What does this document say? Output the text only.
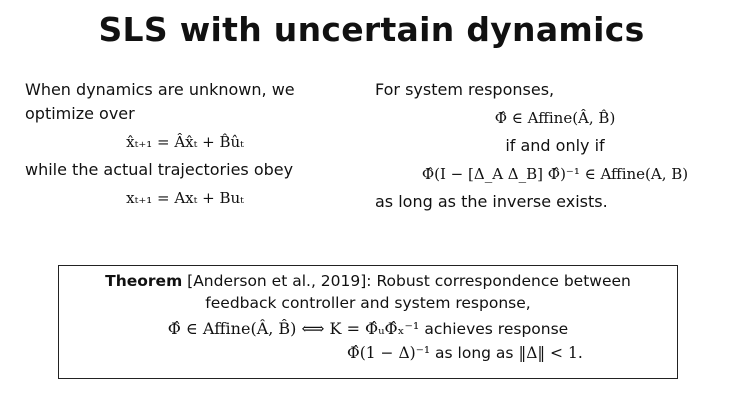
SLS with uncertain dynamics
When dynamics are unknown, we optimize over
x̂ₜ₊₁ = Âx̂ₜ + B̂ûₜ
while the actual trajectories obey
xₜ₊₁ = Axₜ + Buₜ
For system responses,
Φ̂ ∈ Affine(Â, B̂)
if and only if
Φ̂(I − [Δ_A Δ_B] Φ̂)⁻¹ ∈ Affine(A, B)
as long as the inverse exists.
Theorem [Anderson et al., 2019]: Robust correspondence between
feedback controller and system response,
Φ̂ ∈ Affine(Â, B̂) ⟺ K = Φ̂ᵤΦ̂ₓ⁻¹ achieves response
Φ̂(1 − Δ)⁻¹ as long as ‖Δ‖ < 1.
